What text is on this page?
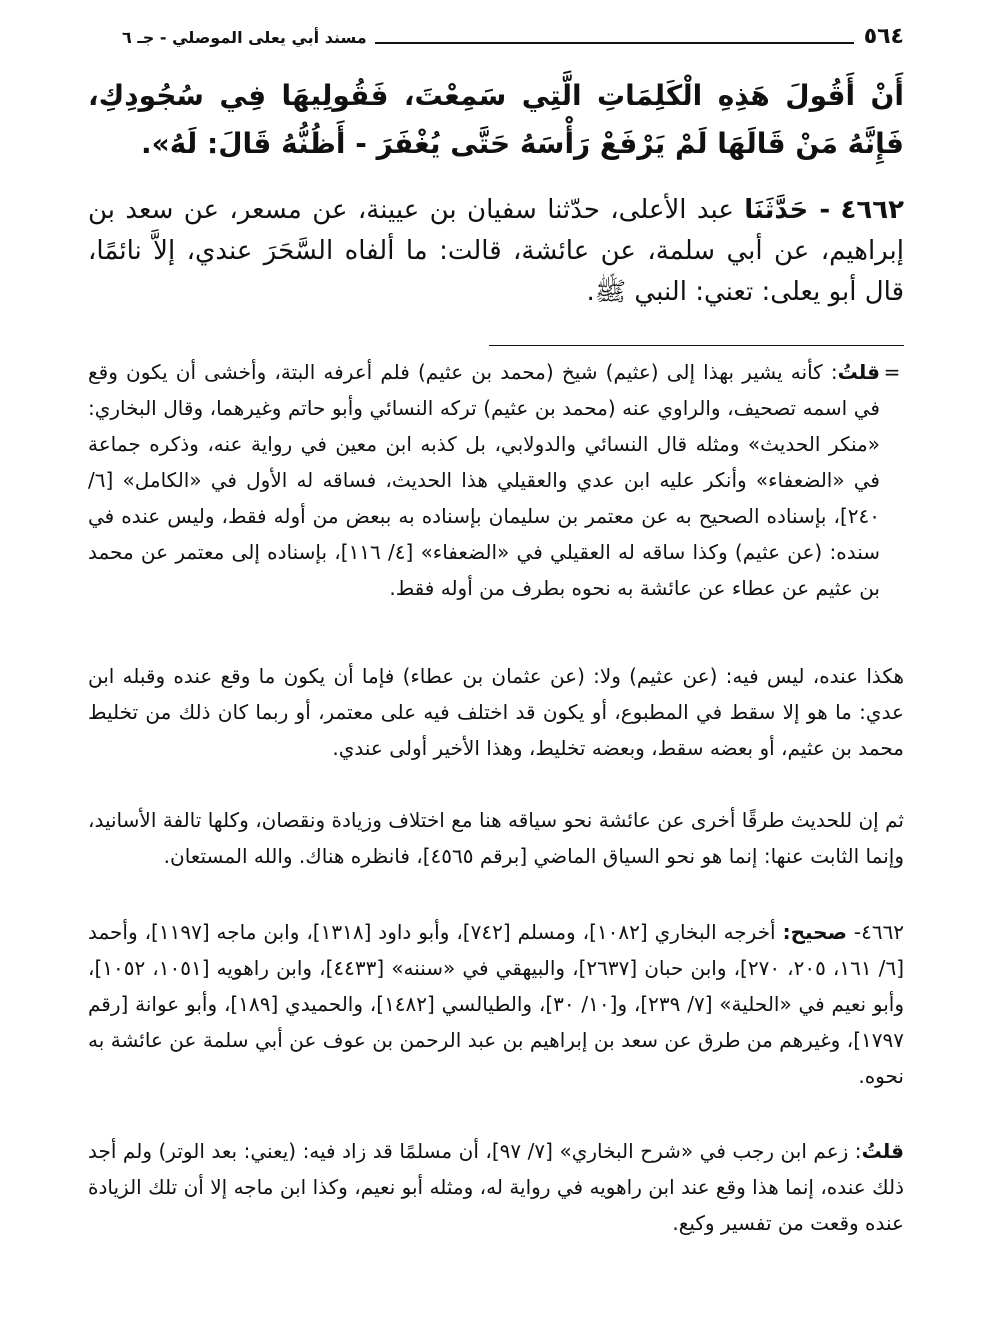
٥٦٤
مسند أبي يعلى الموصلي - جـ ٦
أَنْ أَقُولَ هَذِهِ الْكَلِمَاتِ الَّتِي سَمِعْتَ، فَقُولِيهَا فِي سُجُودِكِ، فَإِنَّهُ مَنْ قَالَهَا لَمْ يَرْفَعْ رَأْسَهُ حَتَّى يُغْفَرَ - أَظُنُّهُ قَالَ: لَهُ».
٤٦٦٢ - حَدَّثَنَا عبد الأعلى، حدّثنا سفيان بن عيينة، عن مسعر، عن سعد بن إبراهيم، عن أبي سلمة، عن عائشة، قالت: ما ألفاه السَّحَرَ عندي، إلاَّ نائمًا، قال أبو يعلى: تعني: النبي ﷺ.
=
قلتُ: كأنه يشير بهذا إلى (عثيم) شيخ (محمد بن عثيم) فلم أعرفه البتة، وأخشى أن يكون وقع في اسمه تصحيف، والراوي عنه (محمد بن عثيم) تركه النسائي وأبو حاتم وغيرهما، وقال البخاري: «منكر الحديث» ومثله قال النسائي والدولابي، بل كذبه ابن معين في رواية عنه، وذكره جماعة في «الضعفاء» وأنكر عليه ابن عدي والعقيلي هذا الحديث، فساقه له الأول في «الكامل» [٦/ ٢٤٠]، بإسناده الصحيح به عن معتمر بن سليمان بإسناده به ببعض من أوله فقط، وليس عنده في سنده: (عن عثيم) وكذا ساقه له العقيلي في «الضعفاء» [٤/ ١١٦]، بإسناده إلى معتمر عن محمد بن عثيم عن عطاء عن عائشة به نحوه بطرف من أوله فقط.
هكذا عنده، ليس فيه: (عن عثيم) ولا: (عن عثمان بن عطاء) فإما أن يكون ما وقع عنده وقبله ابن عدي: ما هو إلا سقط في المطبوع، أو يكون قد اختلف فيه على معتمر، أو ربما كان ذلك من تخليط محمد بن عثيم، أو بعضه سقط، وبعضه تخليط، وهذا الأخير أولى عندي.
ثم إن للحديث طرقًا أخرى عن عائشة نحو سياقه هنا مع اختلاف وزيادة ونقصان، وكلها تالفة الأسانيد، وإنما الثابت عنها: إنما هو نحو السياق الماضي [برقم ٤٥٦٥]، فانظره هناك. والله المستعان.
٤٦٦٢- صحيح: أخرجه البخاري [١٠٨٢]، ومسلم [٧٤٢]، وأبو داود [١٣١٨]، وابن ماجه [١١٩٧]، وأحمد [٦/ ١٦١، ٢٠٥، ٢٧٠]، وابن حبان [٢٦٣٧]، والبيهقي في «سننه» [٤٤٣٣]، وابن راهويه [١٠٥١، ١٠٥٢]، وأبو نعيم في «الحلية» [٧/ ٢٣٩]، و[١٠/ ٣٠]، والطيالسي [١٤٨٢]، والحميدي [١٨٩]، وأبو عوانة [رقم ١٧٩٧]، وغيرهم من طرق عن سعد بن إبراهيم بن عبد الرحمن بن عوف عن أبي سلمة عن عائشة به نحوه.
قلتُ: زعم ابن رجب في «شرح البخاري» [٧/ ٩٧]، أن مسلمًا قد زاد فيه: (يعني: بعد الوتر) ولم أجد ذلك عنده، إنما هذا وقع عند ابن راهويه في رواية له، ومثله أبو نعيم، وكذا ابن ماجه إلا أن تلك الزيادة عنده وقعت من تفسير وكيع.
